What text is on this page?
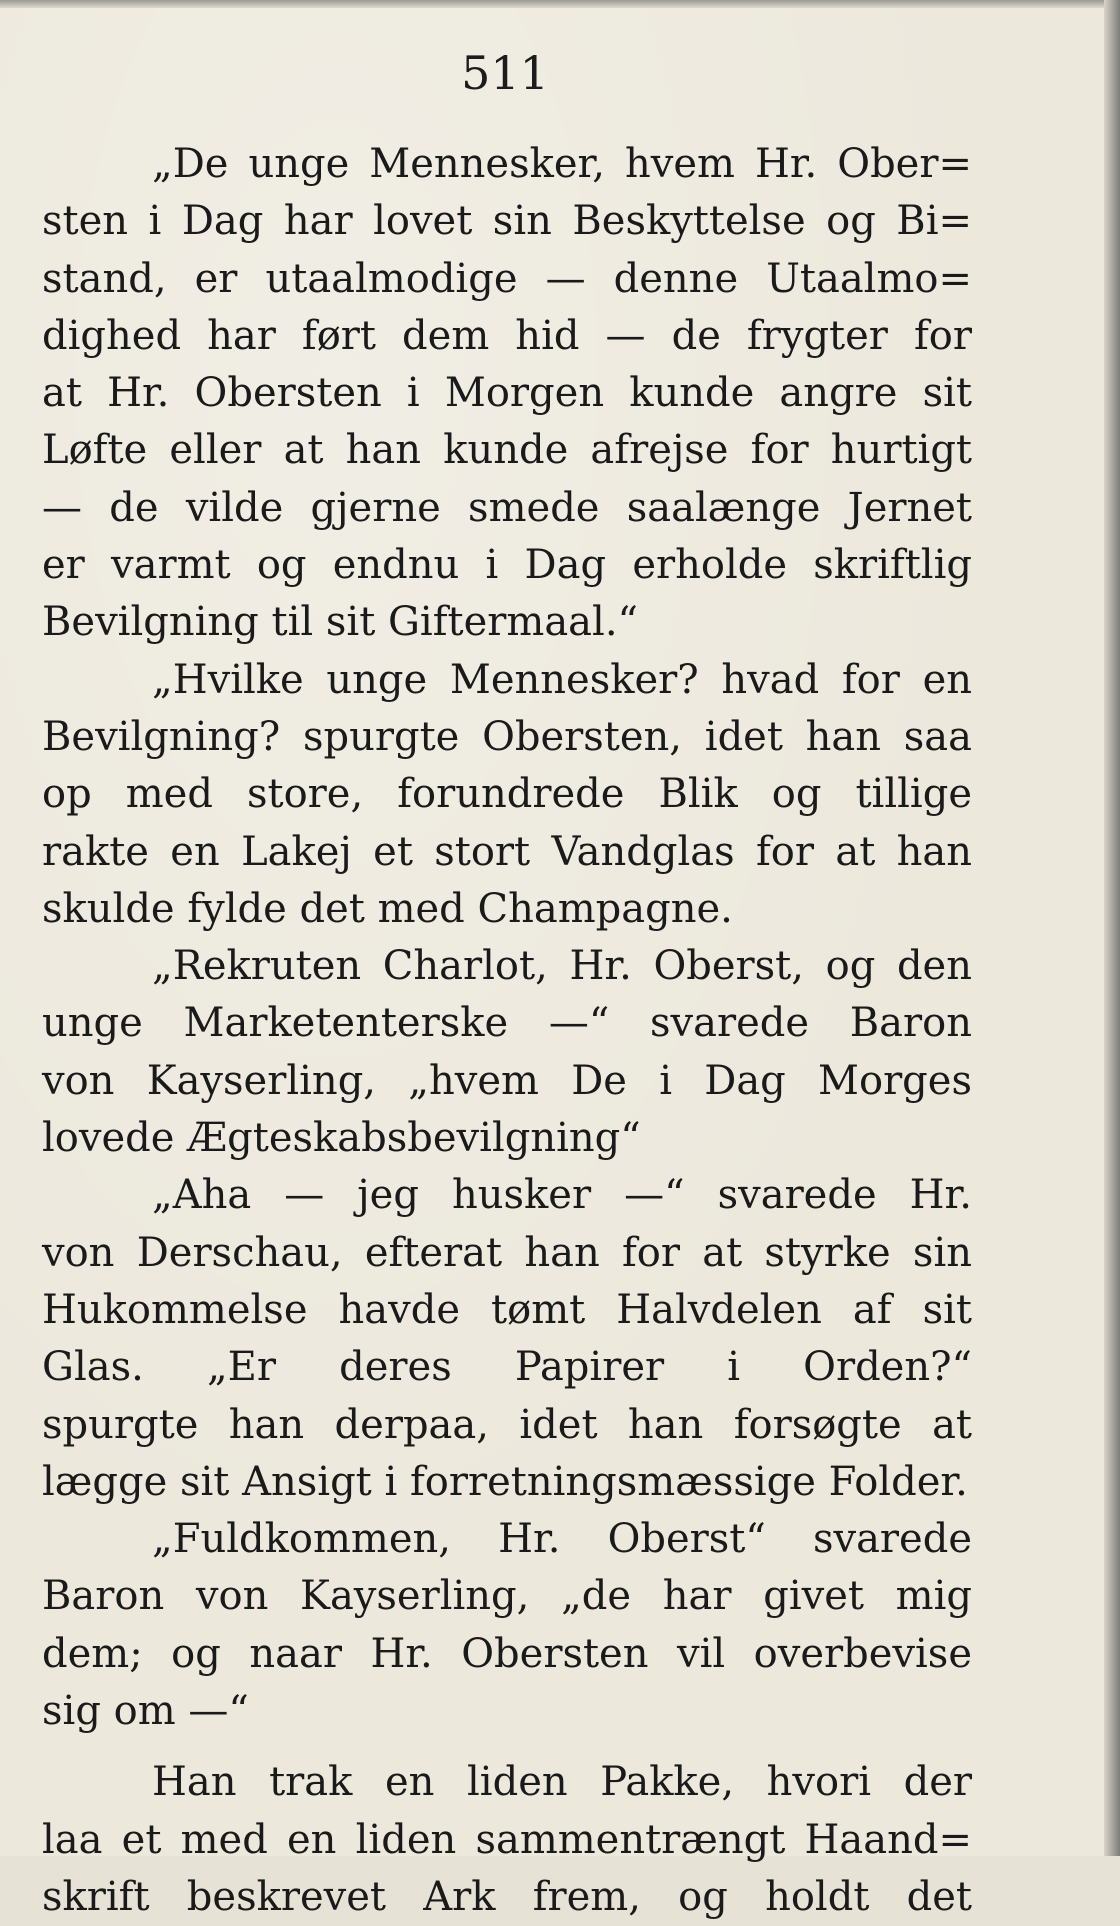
511
„De unge Mennesker, hvem Hr. Ober=
sten i Dag har lovet sin Beskyttelse og Bi=
stand, er utaalmodige — denne Utaalmo=
dighed har ført dem hid — de frygter for
at Hr. Obersten i Morgen kunde angre sit
Løfte eller at han kunde afrejse for hurtigt
— de vilde gjerne smede saalænge Jernet
er varmt og endnu i Dag erholde skriftlig
Bevilgning til sit Giftermaal.“
„Hvilke unge Mennesker? hvad for en
Bevilgning? spurgte Obersten, idet han saa
op med store, forundrede Blik og tillige
rakte en Lakej et stort Vandglas for at han
skulde fylde det med Champagne.
„Rekruten Charlot, Hr. Oberst, og den
unge Marketenterske —“ svarede Baron
von Kayserling, „hvem De i Dag Morges
lovede Ægteskabsbevilgning“
„Aha — jeg husker —“ svarede Hr.
von Derschau, efterat han for at styrke sin
Hukommelse havde tømt Halvdelen af sit
Glas. „Er deres Papirer i Orden?“
spurgte han derpaa, idet han forsøgte at
lægge sit Ansigt i forretningsmæssige Folder.
„Fuldkommen, Hr. Oberst“ svarede
Baron von Kayserling, „de har givet mig
dem; og naar Hr. Obersten vil overbevise
sig om —“
Han trak en liden Pakke, hvori der
laa et med en liden sammentrængt Haand=
skrift beskrevet Ark frem, og holdt det
